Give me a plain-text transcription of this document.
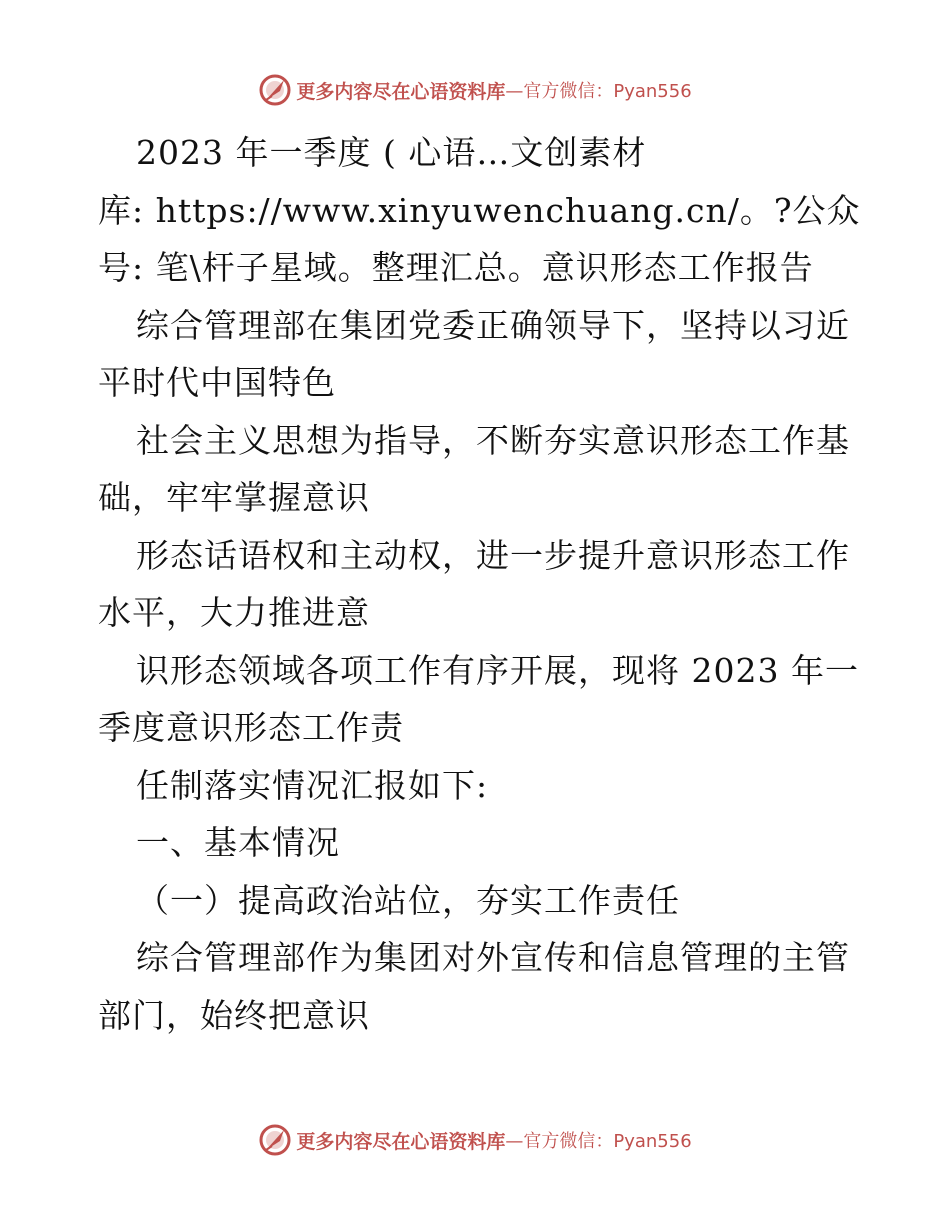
更多内容尽在心语资料库 —官方微信：Pyan556
2023 年一季度 ( 心语…文创素材
库: https://www.xinyuwenchuang.cn/。?公众
号: 笔\杆子星域。整理汇总。意识形态工作报告
综合管理部在集团党委正确领导下，坚持以习近
平时代中国特色
社会主义思想为指导，不断夯实意识形态工作基
础，牢牢掌握意识
形态话语权和主动权，进一步提升意识形态工作
水平，大力推进意
识形态领域各项工作有序开展，现将 2023 年一
季度意识形态工作责
任制落实情况汇报如下:
一、基本情况
（一）提高政治站位，夯实工作责任
综合管理部作为集团对外宣传和信息管理的主管
部门，始终把意识
更多内容尽在心语资料库 —官方微信：Pyan556
